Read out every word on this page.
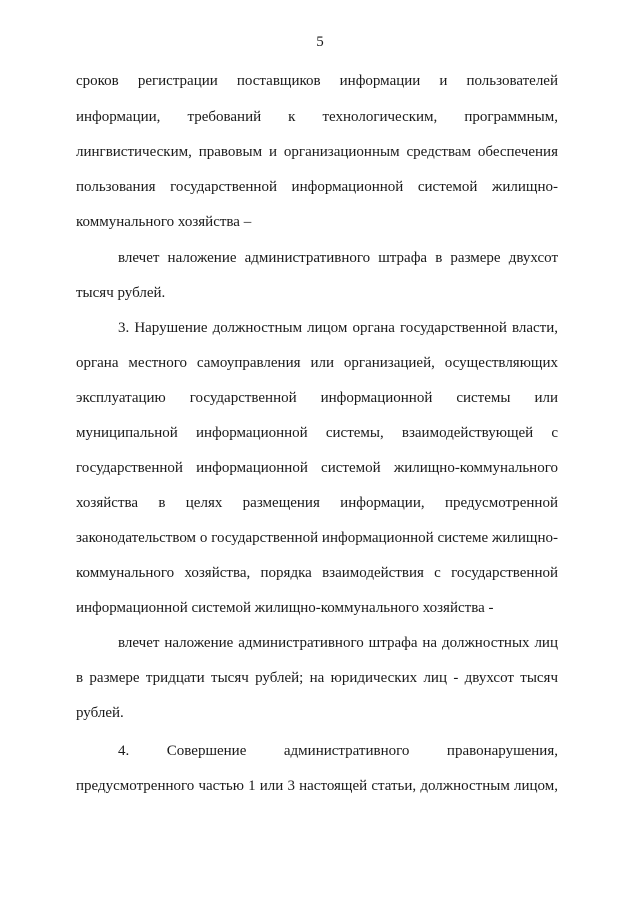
5
сроков регистрации поставщиков информации и пользователей
информации, требований к технологическим, программным,
лингвистическим, правовым и организационным средствам обеспечения
пользования государственной информационной системой жилищно-
коммунального хозяйства –
влечет наложение административного штрафа в размере двухсот
тысяч рублей.
3. Нарушение должностным лицом органа государственной власти,
органа местного самоуправления или организацией, осуществляющих
эксплуатацию государственной информационной системы или
муниципальной информационной системы, взаимодействующей с
государственной информационной системой жилищно-коммунального
хозяйства в целях размещения информации, предусмотренной
законодательством о государственной информационной системе жилищно-
коммунального хозяйства, порядка взаимодействия с государственной
информационной системой жилищно-коммунального хозяйства -
влечет наложение административного штрафа на должностных лиц
в размере тридцати тысяч рублей; на юридических лиц - двухсот тысяч
рублей.
4. Совершение административного правонарушения,
предусмотренного частью 1 или 3 настоящей статьи, должностным лицом,
